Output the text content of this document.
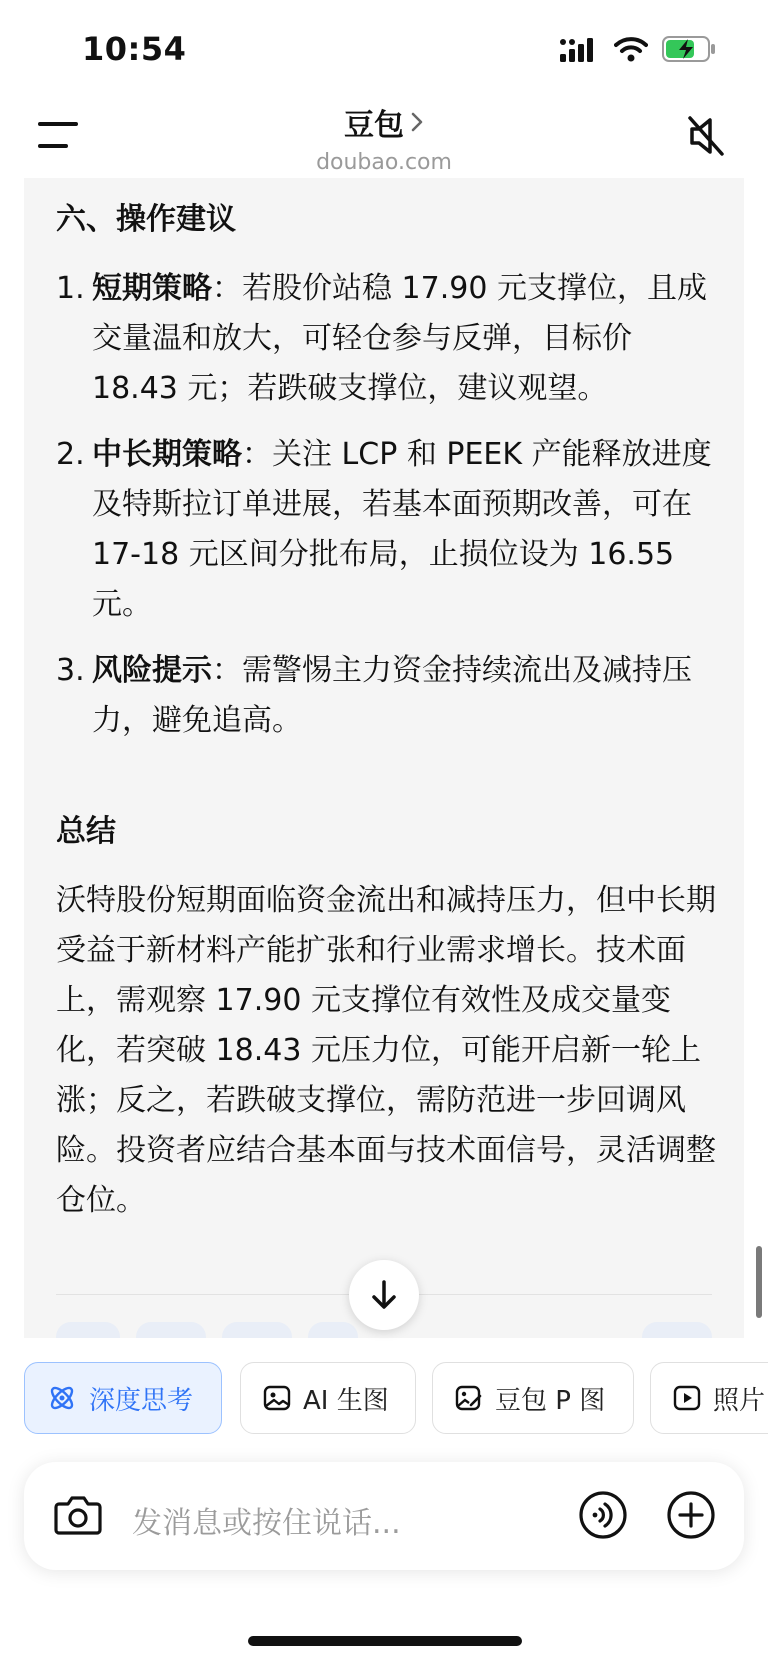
10:54
豆包
doubao.com
六、操作建议
1. 短期策略：若股价站稳 17.90 元支撑位，且成交量温和放大，可轻仓参与反弹，目标价 18.43 元；若跌破支撑位，建议观望。
2. 中长期策略：关注 LCP 和 PEEK 产能释放进度及特斯拉订单进展，若基本面预期改善，可在 17-18 元区间分批布局，止损位设为 16.55 元。
3. 风险提示：需警惕主力资金持续流出及减持压力，避免追高。
总结
沃特股份短期面临资金流出和减持压力，但中长期受益于新材料产能扩张和行业需求增长。技术面上，需观察 17.90 元支撑位有效性及成交量变化，若突破 18.43 元压力位，可能开启新一轮上涨；反之，若跌破支撑位，需防范进一步回调风险。投资者应结合基本面与技术面信号，灵活调整仓位。
深度思考	AI 生图	豆包 P 图	照片
发消息或按住说话...
